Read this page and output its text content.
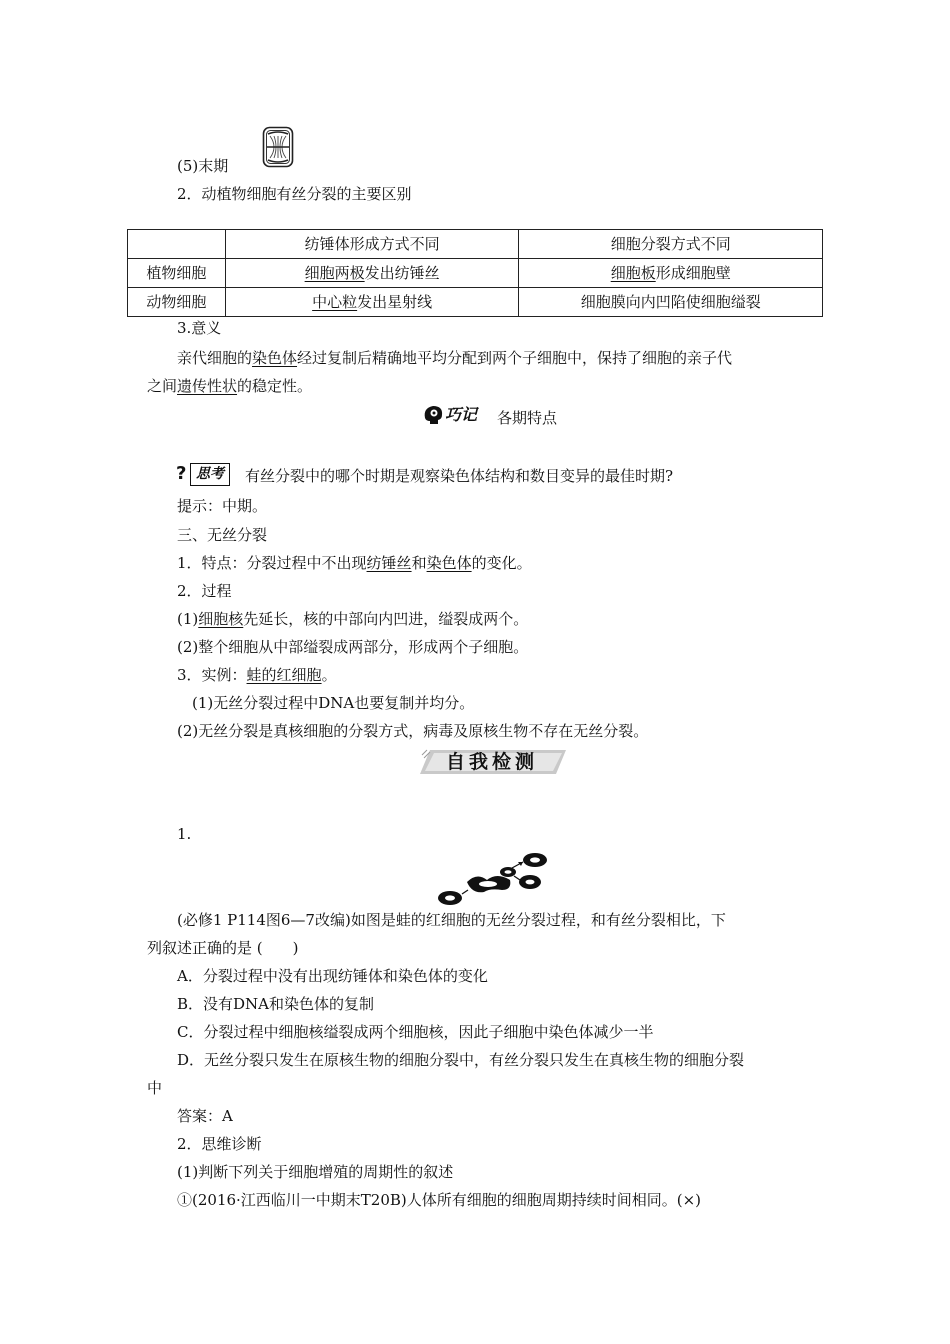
(5)末期
2．动植物细胞有丝分裂的主要区别
	纺锤体形成方式不同	细胞分裂方式不同
植物细胞	细胞两极发出纺锤丝	细胞板形成细胞壁
动物细胞	中心粒发出星射线	细胞膜向内凹陷使细胞缢裂
3.意义
亲代细胞的染色体经过复制后精确地平均分配到两个子细胞中，保持了细胞的亲子代
之间遗传性状的稳定性。
巧记 各期特点
? 思考	有丝分裂中的哪个时期是观察染色体结构和数目变异的最佳时期?
提示：中期。
三、无丝分裂
1．特点：分裂过程中不出现纺锤丝和染色体的变化。
2．过程
(1)细胞核先延长，核的中部向内凹进，缢裂成两个。
(2)整个细胞从中部缢裂成两部分，形成两个子细胞。
3．实例：蛙的红细胞。
(1)无丝分裂过程中DNA也要复制并均分。
(2)无丝分裂是真核细胞的分裂方式，病毒及原核生物不存在无丝分裂。
自我检测
1.
(必修1 P114图6—7改编)如图是蛙的红细胞的无丝分裂过程，和有丝分裂相比，下
列叙述正确的是 (　　)
A．分裂过程中没有出现纺锤体和染色体的变化
B．没有DNA和染色体的复制
C．分裂过程中细胞核缢裂成两个细胞核，因此子细胞中染色体减少一半
D．无丝分裂只发生在原核生物的细胞分裂中，有丝分裂只发生在真核生物的细胞分裂
中
答案：A
2．思维诊断
(1)判断下列关于细胞增殖的周期性的叙述
①(2016·江西临川一中期末T20B)人体所有细胞的细胞周期持续时间相同。(×)
